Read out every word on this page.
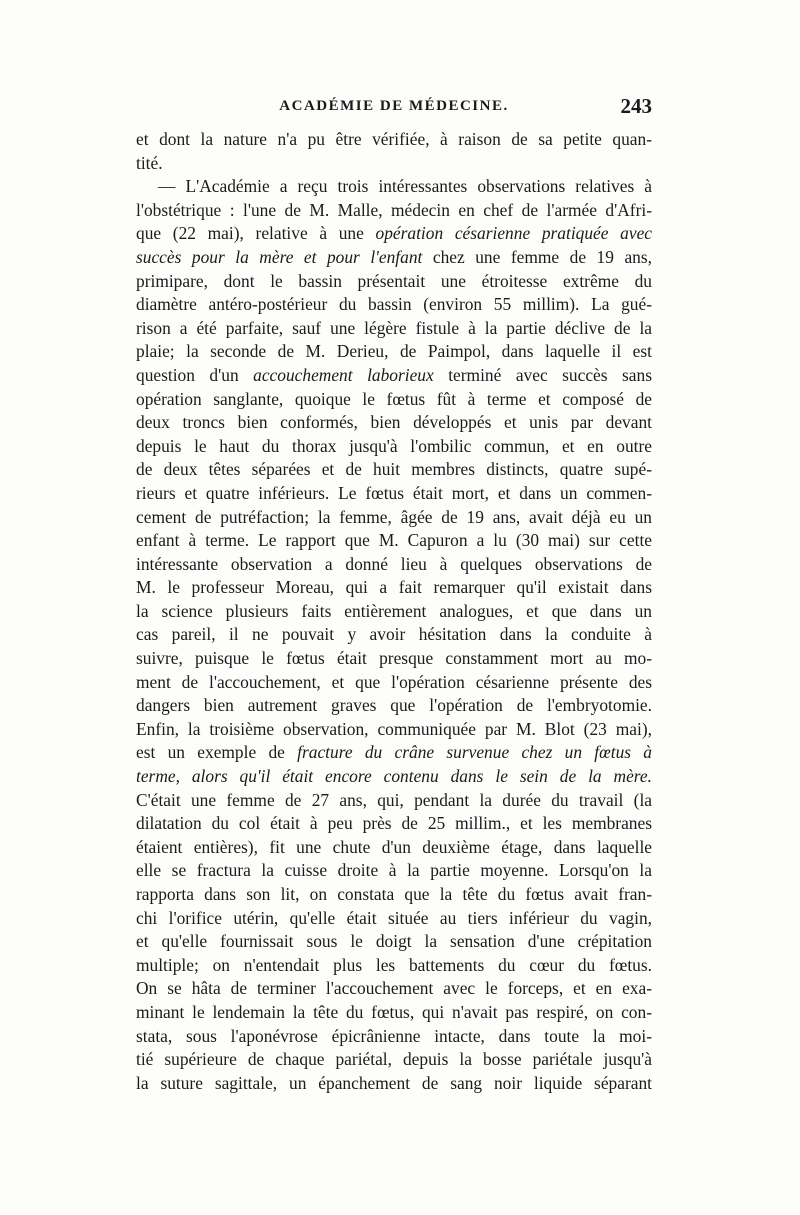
ACADÉMIE DE MÉDECINE.	243
et dont la nature n'a pu être vérifiée, à raison de sa petite quan-
tité.
— L'Académie a reçu trois intéressantes observations relatives à
l'obstétrique : l'une de M. Malle, médecin en chef de l'armée d'Afri-
que (22 mai), relative à une opération césarienne pratiquée avec
succès pour la mère et pour l'enfant chez une femme de 19 ans,
primipare, dont le bassin présentait une étroitesse extrême du
diamètre antéro-postérieur du bassin (environ 55 millim). La gué-
rison a été parfaite, sauf une légère fistule à la partie déclive de la
plaie; la seconde de M. Derieu, de Paimpol, dans laquelle il est
question d'un accouchement laborieux terminé avec succès sans
opération sanglante, quoique le fœtus fût à terme et composé de
deux troncs bien conformés, bien développés et unis par devant
depuis le haut du thorax jusqu'à l'ombilic commun, et en outre
de deux têtes séparées et de huit membres distincts, quatre supé-
rieurs et quatre inférieurs. Le fœtus était mort, et dans un commen-
cement de putréfaction; la femme, âgée de 19 ans, avait déjà eu un
enfant à terme. Le rapport que M. Capuron a lu (30 mai) sur cette
intéressante observation a donné lieu à quelques observations de
M. le professeur Moreau, qui a fait remarquer qu'il existait dans
la science plusieurs faits entièrement analogues, et que dans un
cas pareil, il ne pouvait y avoir hésitation dans la conduite à
suivre, puisque le fœtus était presque constamment mort au mo-
ment de l'accouchement, et que l'opération césarienne présente des
dangers bien autrement graves que l'opération de l'embryotomie.
Enfin, la troisième observation, communiquée par M. Blot (23 mai),
est un exemple de fracture du crâne survenue chez un fœtus à
terme, alors qu'il était encore contenu dans le sein de la mère.
C'était une femme de 27 ans, qui, pendant la durée du travail (la
dilatation du col était à peu près de 25 millim., et les membranes
étaient entières), fit une chute d'un deuxième étage, dans laquelle
elle se fractura la cuisse droite à la partie moyenne. Lorsqu'on la
rapporta dans son lit, on constata que la tête du fœtus avait fran-
chi l'orifice utérin, qu'elle était située au tiers inférieur du vagin,
et qu'elle fournissait sous le doigt la sensation d'une crépitation
multiple; on n'entendait plus les battements du cœur du fœtus.
On se hâta de terminer l'accouchement avec le forceps, et en exa-
minant le lendemain la tête du fœtus, qui n'avait pas respiré, on con-
stata, sous l'aponévrose épicrânienne intacte, dans toute la moi-
tié supérieure de chaque pariétal, depuis la bosse pariétale jusqu'à
la suture sagittale, un épanchement de sang noir liquide séparant
